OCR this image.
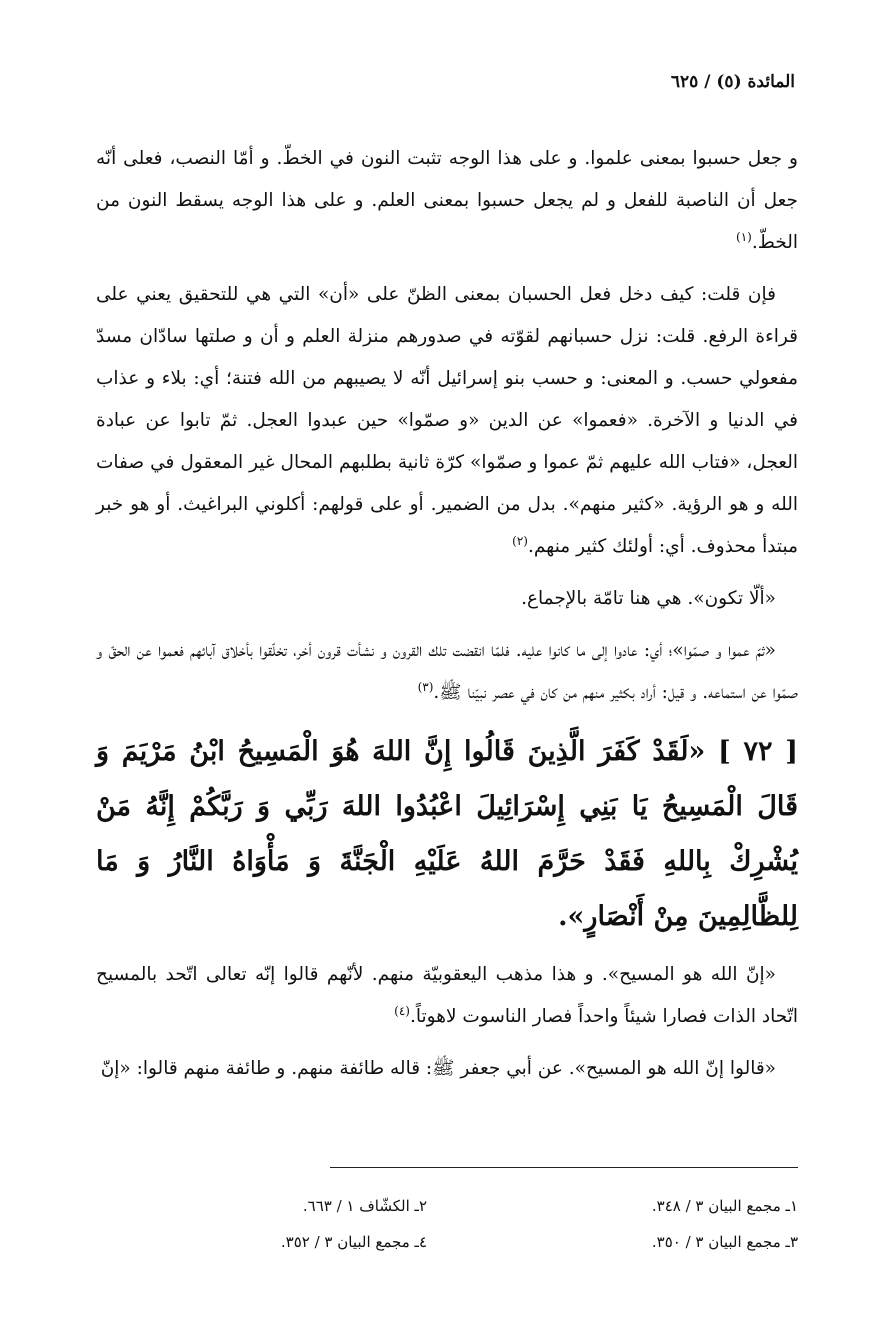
المائدة (٥) / ٦٢٥

و جعل حسبوا بمعنى علموا. و على هذا الوجه تثبت النون في الخطّ. و أمّا النصب، فعلى أنّه جعل أن الناصبة للفعل و لم يجعل حسبوا بمعنى العلم. و على هذا الوجه يسقط النون من الخطّ.$^{(١)}$

فإن قلت: كيف دخل فعل الحسبان بمعنى الظنّ على «أن» التي هي للتحقيق يعني على قراءة الرفع. قلت: نزل حسبانهم لقوّته في صدورهم منزلة العلم و أن و صلتها سادّان مسدّ مفعولي حسب. و المعنى: و حسب بنو إسرائيل أنّه لا يصيبهم من الله فتنة؛ أي: بلاء و عذاب في الدنيا و الآخرة. «فعموا» عن الدين «و صمّوا» حين عبدوا العجل. ثمّ تابوا عن عبادة العجل، «فتاب الله عليهم ثمّ عموا و صمّوا» كرّة ثانية بطلبهم المحال غير المعقول في صفات الله و هو الرؤية. «كثير منهم». بدل من الضمير. أو على قولهم: أكلوني البراغيث. أو هو خبر مبتدأ محذوف. أي: أولئك كثير منهم.$^{(٢)}$

«ألّا تكون». هي هنا تامّة بالإجماع.

«ثمّ عموا و صمّوا»؛ أي: عادوا إلى ما كانوا عليه. فلمّا انقضت تلك القرون و نشأت قرون أخر، تخلّقوا بأخلاق آبائهم فعموا عن الحقّ و صمّوا عن استماعه. و قيل: أراد بكثير منهم من كان في عصر نبيّنا ﷺ.$^{(٣)}$

[ ٧٢ ] «لَقَدْ كَفَرَ الَّذِينَ قَالُوا إِنَّ اللهَ هُوَ الْمَسِيحُ ابْنُ مَرْيَمَ وَ قَالَ الْمَسِيحُ يَا بَنِي إِسْرَائِيلَ اعْبُدُوا اللهَ رَبِّي وَ رَبَّكُمْ إِنَّهُ مَنْ يُشْرِكْ بِاللهِ فَقَدْ حَرَّمَ اللهُ عَلَيْهِ الْجَنَّةَ وَ مَأْوَاهُ النَّارُ وَ مَا لِلظَّالِمِينَ مِنْ أَنْصَارٍ».

«إنّ الله هو المسيح». و هذا مذهب اليعقوبيّة منهم. لأنّهم قالوا إنّه تعالى اتّحد بالمسيح اتّحاد الذات فصارا شيئاً واحداً فصار الناسوت لاهوتاً.$^{(٤)}$

«قالوا إنّ الله هو المسيح». عن أبي جعفر ﷺ: قاله طائفة منهم. و طائفة منهم قالوا: «إنّ

١ـ مجمع البيان ٣ / ٣٤٨.
٢ـ الكشّاف ١ / ٦٦٣.
٣ـ مجمع البيان ٣ / ٣٥٠.
٤ـ مجمع البيان ٣ / ٣٥٢.
